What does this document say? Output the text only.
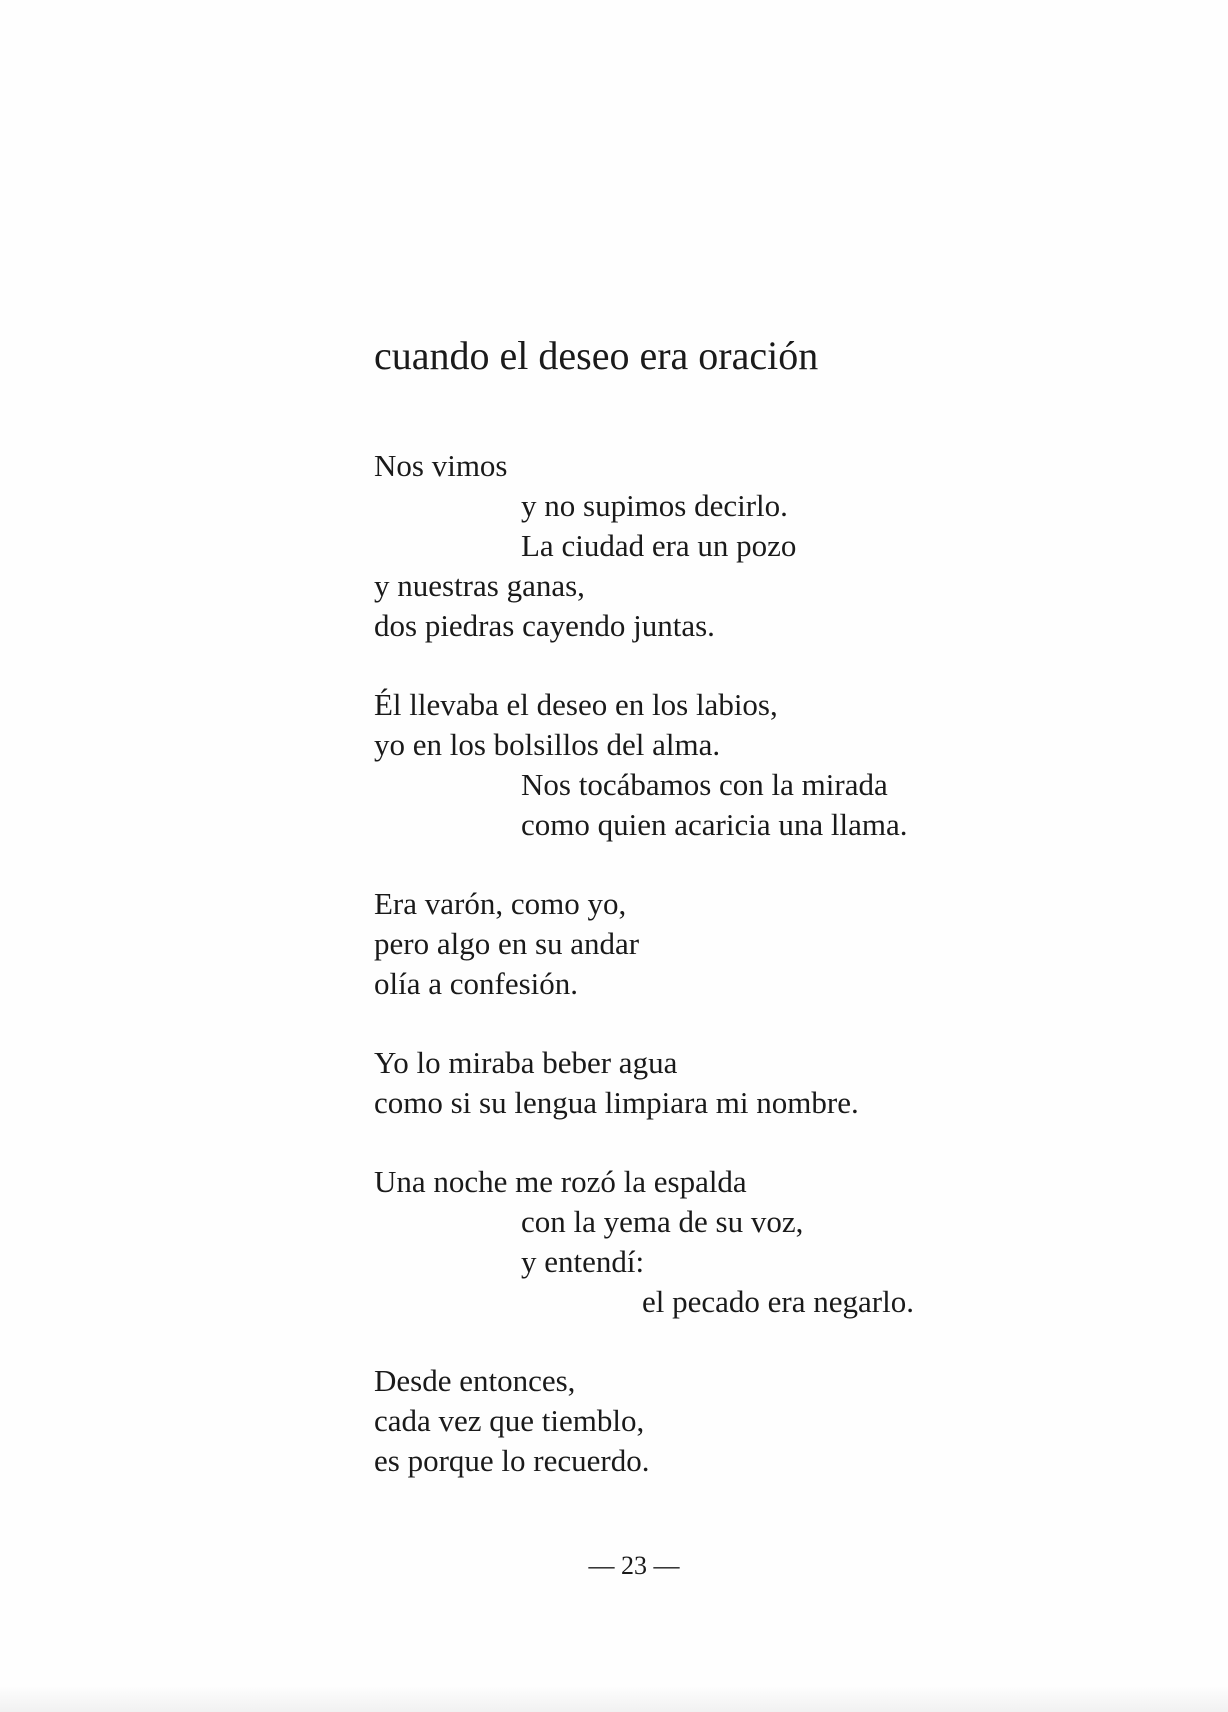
cuando el deseo era oración
Nos vimos
y no supimos decirlo.
La ciudad era un pozo
y nuestras ganas,
dos piedras cayendo juntas.
Él llevaba el deseo en los labios,
yo en los bolsillos del alma.
Nos tocábamos con la mirada
como quien acaricia una llama.
Era varón, como yo,
pero algo en su andar
olía a confesión.
Yo lo miraba beber agua
como si su lengua limpiara mi nombre.
Una noche me rozó la espalda
con la yema de su voz,
y entendí:
el pecado era negarlo.
Desde entonces,
cada vez que tiemblo,
es porque lo recuerdo.
— 23 —
